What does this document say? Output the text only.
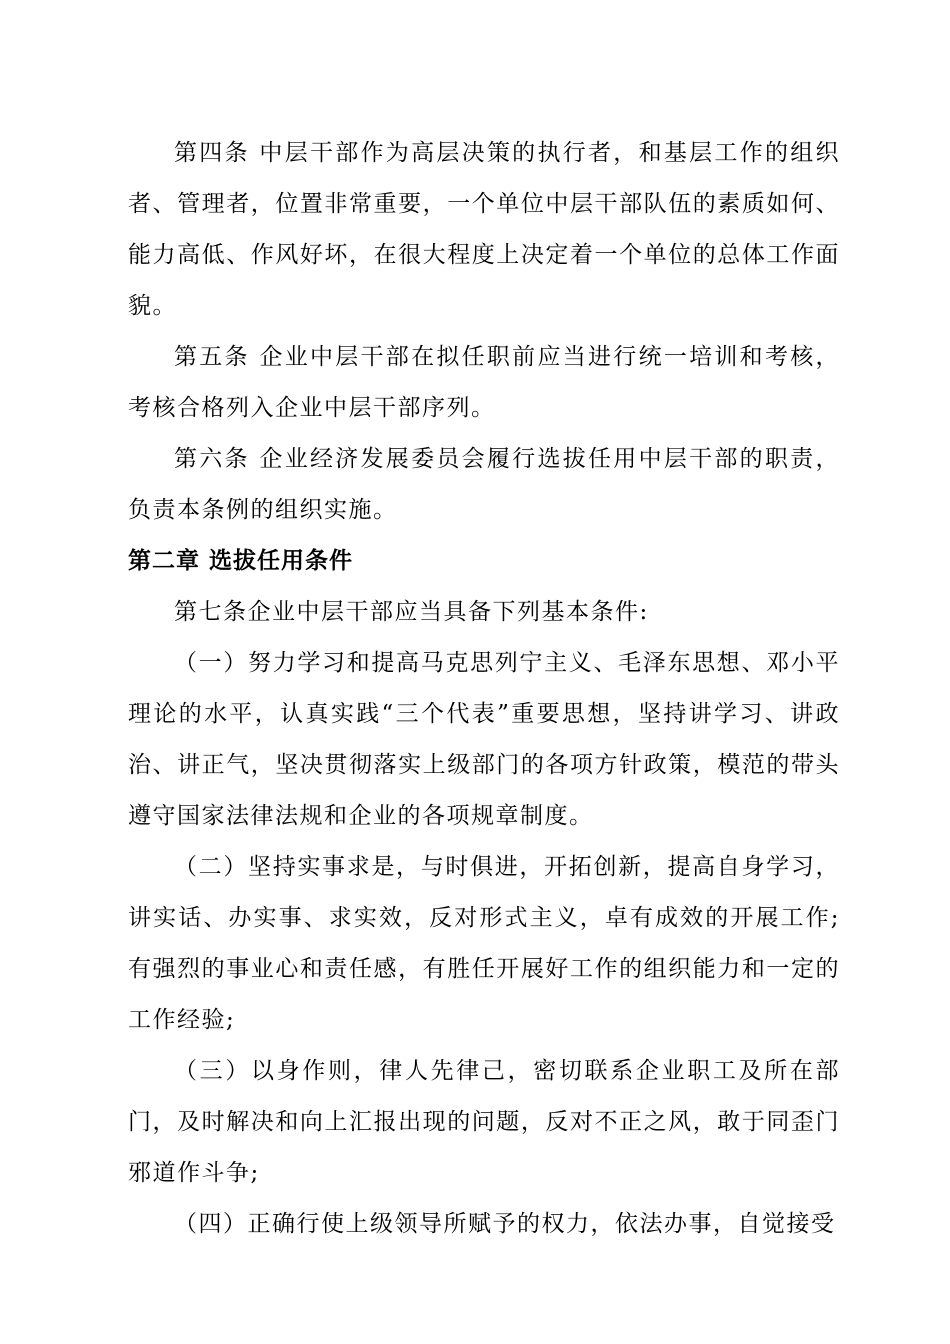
第四条 中层干部作为高层决策的执行者，和基层工作的组织者、管理者，位置非常重要，一个单位中层干部队伍的素质如何、能力高低、作风好坏，在很大程度上决定着一个单位的总体工作面貌。

第五条 企业中层干部在拟任职前应当进行统一培训和考核，考核合格列入企业中层干部序列。

第六条 企业经济发展委员会履行选拔任用中层干部的职责，负责本条例的组织实施。

第二章 选拔任用条件

第七条企业中层干部应当具备下列基本条件:

（一）努力学习和提高马克思列宁主义、毛泽东思想、邓小平理论的水平，认真实践“三个代表”重要思想，坚持讲学习、讲政治、讲正气，坚决贯彻落实上级部门的各项方针政策，模范的带头遵守国家法律法规和企业的各项规章制度。

（二）坚持实事求是，与时俱进，开拓创新，提高自身学习，讲实话、办实事、求实效，反对形式主义，卓有成效的开展工作; 有强烈的事业心和责任感，有胜任开展好工作的组织能力和一定的工作经验;

（三）以身作则，律人先律己，密切联系企业职工及所在部门，及时解决和向上汇报出现的问题，反对不正之风，敢于同歪门邪道作斗争;

（四）正确行使上级领导所赋予的权力，依法办事，自觉接受
